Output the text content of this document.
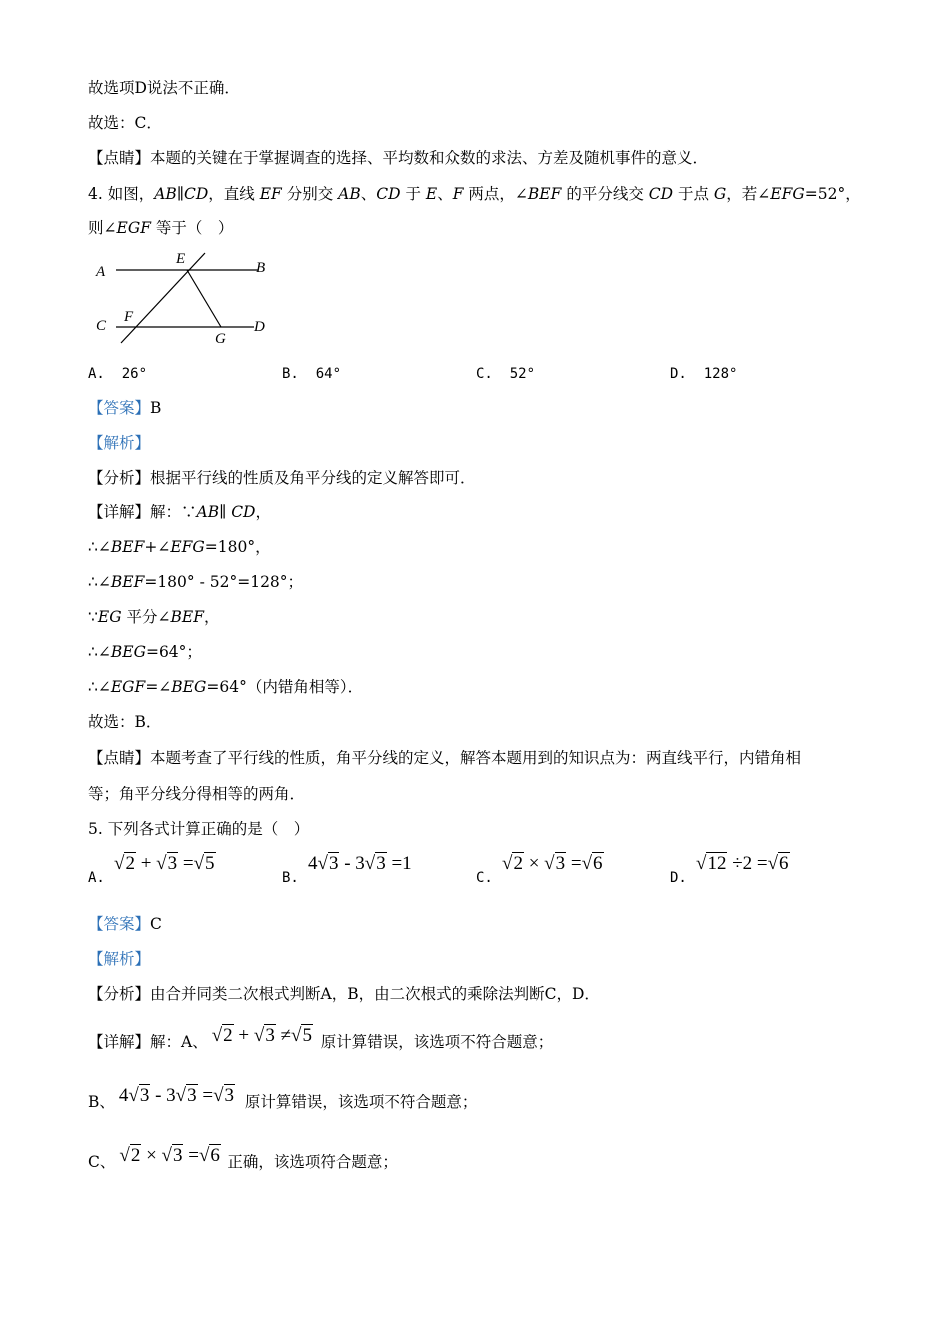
故选项D说法不正确．
故选：C．
【点睛】本题的关键在于掌握调查的选择、平均数和众数的求法、方差及随机事件的意义．
4. 如图，AB∥CD，直线 EF 分别交 AB、CD 于 E、F 两点，∠BEF 的平分线交 CD 于点 G，若∠EFG=52°，
则∠EGF 等于（　）
A	B
C	D
E
F
G
A. 26°	B. 64°	C. 52°	D. 128°
【答案】B
【解析】
【分析】根据平行线的性质及角平分线的定义解答即可．
【详解】解：∵AB∥ CD，
∴∠BEF+∠EFG=180°，
∴∠BEF=180° - 52°=128°；
∵EG 平分∠BEF，
∴∠BEG=64°；
∴∠EGF=∠BEG=64°（内错角相等）．
故选：B．
【点睛】本题考查了平行线的性质，角平分线的定义，解答本题用到的知识点为：两直线平行，内错角相
等；角平分线分得相等的两角．
5. 下列各式计算正确的是（　）
A.
√2 + √3 =√5
B.
4√3 - 3√3 =1
C.
√2 × √3 =√6
D.
√12 ÷2 =√6
【答案】C
【解析】
【分析】由合并同类二次根式判断A，B，由二次根式的乘除法判断C，D．
【详解】解：A、 √2 + √3 ≠√5 原计算错误，该选项不符合题意；
B、 4√3 - 3√3 =√3 原计算错误，该选项不符合题意；
C、 √2 × √3 =√6 正确，该选项符合题意；
